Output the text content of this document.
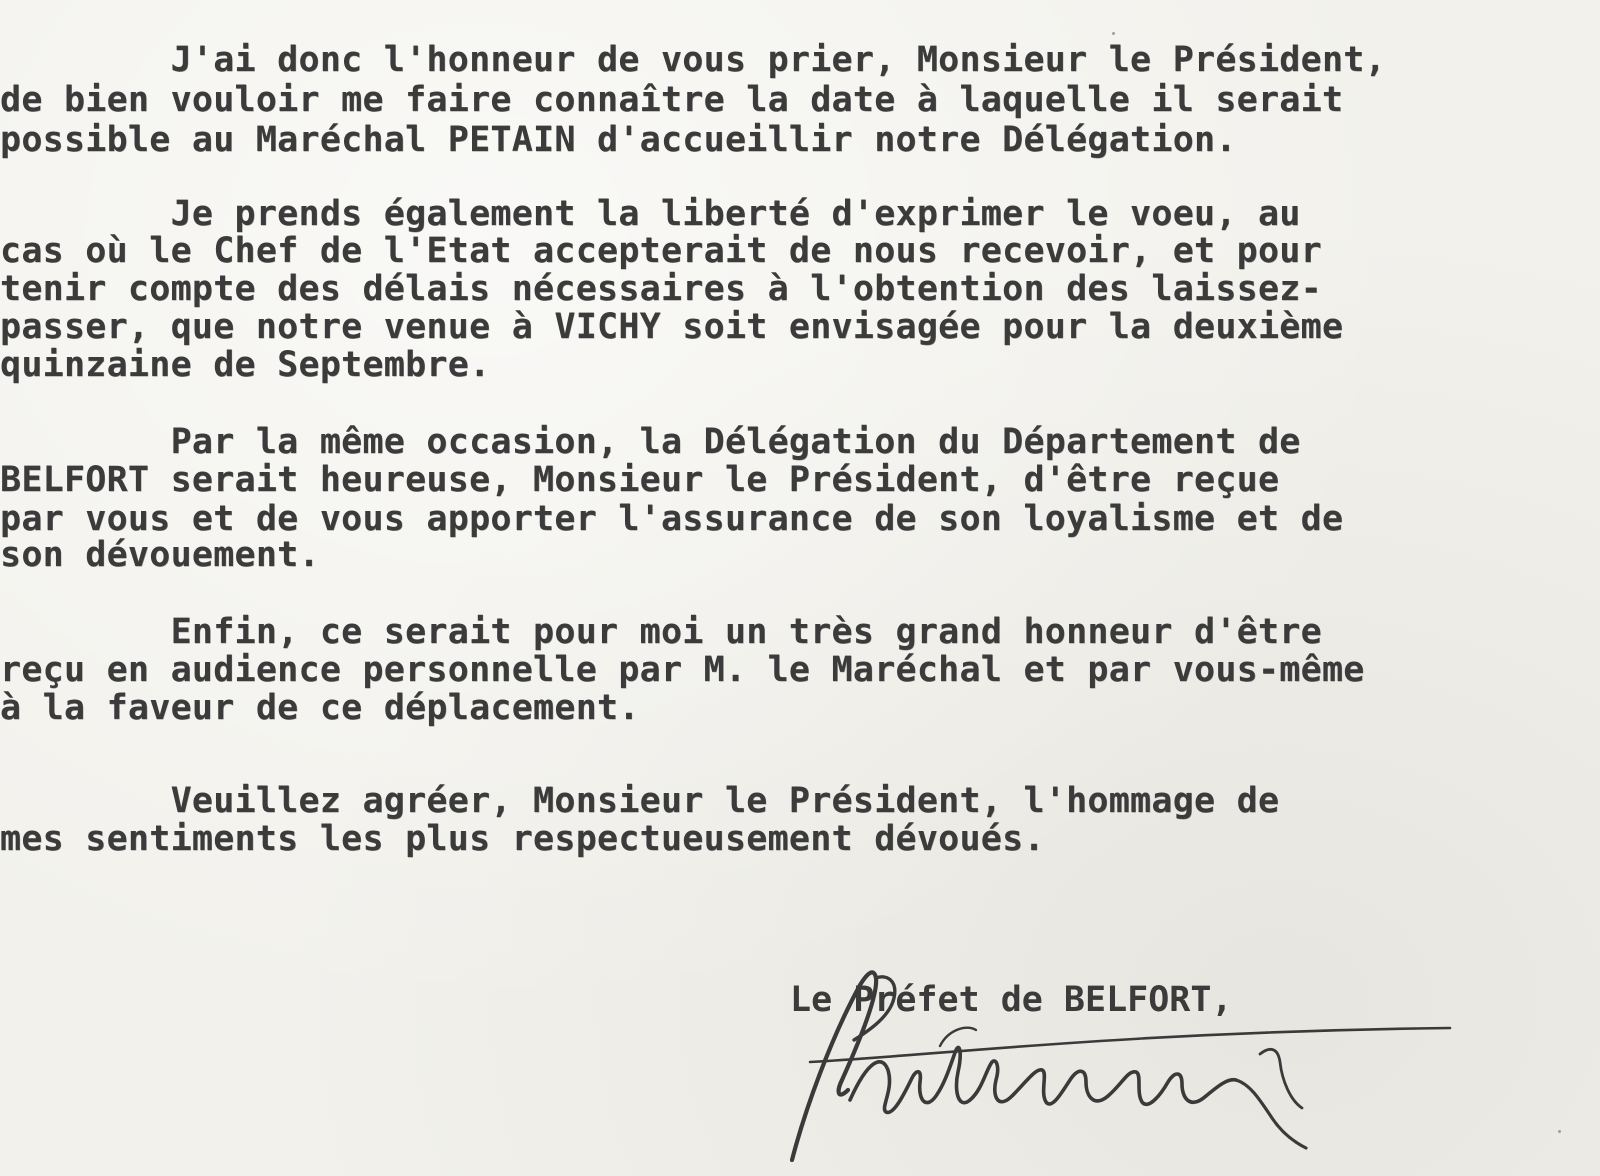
J'ai donc l'honneur de vous prier, Monsieur le Président,
de bien vouloir me faire connaître la date à laquelle il serait
possible au Maréchal PETAIN d'accueillir notre Délégation.
Je prends également la liberté d'exprimer le voeu, au
cas où le Chef de l'Etat accepterait de nous recevoir, et pour
tenir compte des délais nécessaires à l'obtention des laissez-
passer, que notre venue à VICHY soit envisagée pour la deuxième
quinzaine de Septembre.
Par la même occasion, la Délégation du Département de
BELFORT serait heureuse, Monsieur le Président, d'être reçue
par vous et de vous apporter l'assurance de son loyalisme et de
son dévouement.
Enfin, ce serait pour moi un très grand honneur d'être
reçu en audience personnelle par M. le Maréchal et par vous-même
à la faveur de ce déplacement.
Veuillez agréer, Monsieur le Président, l'hommage de
mes sentiments les plus respectueusement dévoués.
Le Préfet de BELFORT,
